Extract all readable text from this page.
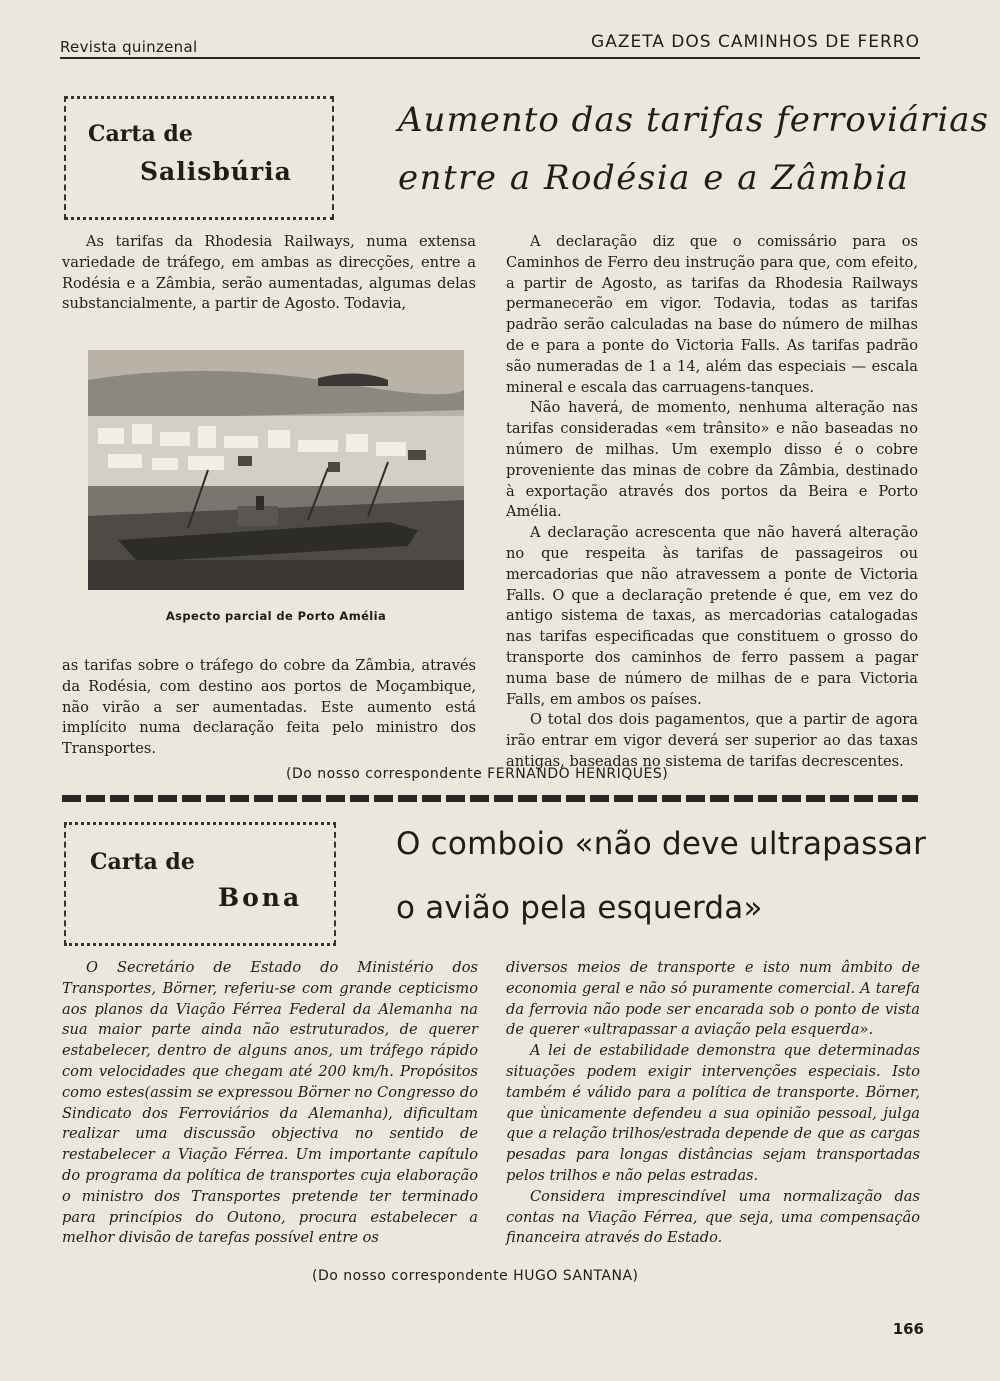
Revista quinzenal	GAZETA DOS CAMINHOS DE FERRO
Carta de
Salisbúria
Aumento das tarifas ferroviárias
entre a Rodésia e a Zâmbia

As tarifas da Rhodesia Railways, numa extensa variedade de tráfego, em ambas as direcções, entre a Rodésia e a Zâmbia, serão aumentadas, algumas delas substancialmente, a partir de Agosto. Todavia,

Aspecto parcial de Porto Amélia

as tarifas sobre o tráfego do cobre da Zâmbia, através da Rodésia, com destino aos portos de Moçambique, não virão a ser aumentadas. Este aumento está implícito numa declaração feita pelo ministro dos Transportes.

A declaração diz que o comissário para os Caminhos de Ferro deu instrução para que, com efeito, a partir de Agosto, as tarifas da Rhodesia Railways permanecerão em vigor. Todavia, todas as tarifas padrão serão calculadas na base do número de milhas de e para a ponte do Victoria Falls. As tarifas padrão são numeradas de 1 a 14, além das especiais — escala mineral e escala das carruagens-tanques.

Não haverá, de momento, nenhuma alteração nas tarifas consideradas «em trânsito» e não baseadas no número de milhas. Um exemplo disso é o cobre proveniente das minas de cobre da Zâmbia, destinado à exportação através dos portos da Beira e Porto Amélia.

A declaração acrescenta que não haverá alteração no que respeita às tarifas de passageiros ou mercadorias que não atravessem a ponte de Victoria Falls. O que a declaração pretende é que, em vez do antigo sistema de taxas, as mercadorias catalogadas nas tarifas especificadas que constituem o grosso do transporte dos caminhos de ferro passem a pagar numa base de número de milhas de e para Victoria Falls, em ambos os países.

O total dos dois pagamentos, que a partir de agora irão entrar em vigor deverá ser superior ao das taxas antigas, baseadas no sistema de tarifas decrescentes.

(Do nosso correspondente FERNANDO HENRIQUES)
Carta de
Bona
O comboio «não deve ultrapassar
o avião pela esquerda»

O Secretário de Estado do Ministério dos Transportes, Börner, referiu-se com grande cepticismo aos planos da Viação Férrea Federal da Alemanha na sua maior parte ainda não estruturados, de querer estabelecer, dentro de alguns anos, um tráfego rápido com velocidades que chegam até 200 km/h. Propósitos como estes(assim se expressou Börner no Congresso do Sindicato dos Ferroviários da Alemanha), dificultam realizar uma discussão objectiva no sentido de restabelecer a Viação Férrea. Um importante capítulo do programa da política de transportes cuja elaboração o ministro dos Transportes pretende ter terminado para princípios do Outono, procura estabelecer a melhor divisão de tarefas possível entre os

diversos meios de transporte e isto num âmbito de economia geral e não só puramente comercial. A tarefa da ferrovia não pode ser encarada sob o ponto de vista de querer «ultrapassar a aviação pela esquerda».

A lei de estabilidade demonstra que determinadas situações podem exigir intervenções especiais. Isto também é válido para a política de transporte. Börner, que ùnicamente defendeu a sua opinião pessoal, julga que a relação trilhos/estrada depende de que as cargas pesadas para longas distâncias sejam transportadas pelos trilhos e não pelas estradas.

Considera imprescindível uma normalização das contas na Viação Férrea, que seja, uma compensação financeira através do Estado.

(Do nosso correspondente HUGO SANTANA)
166
